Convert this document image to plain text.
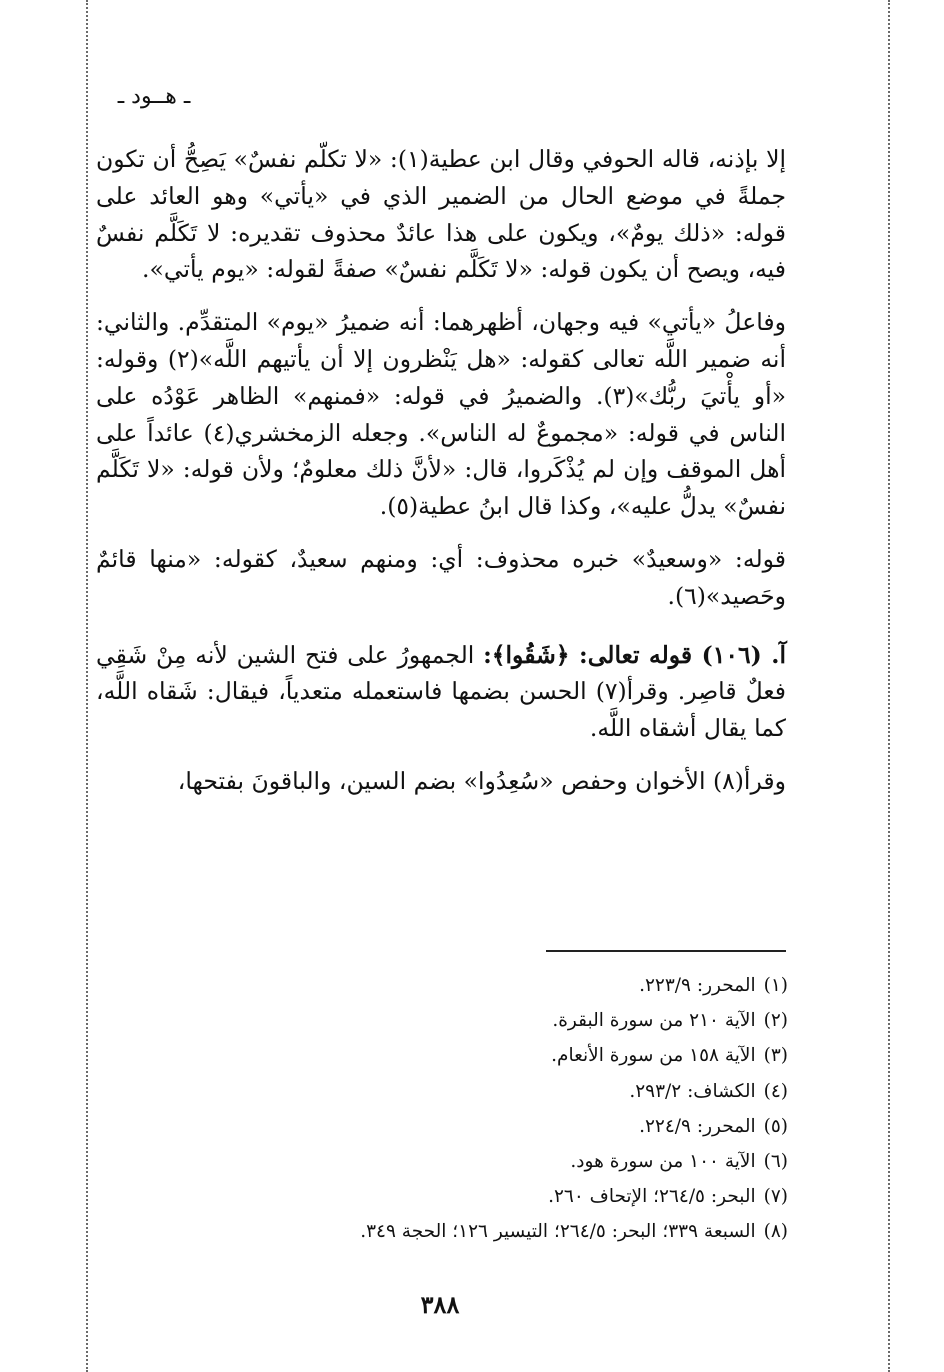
ـ هــود ـ

إلا بإذنه، قاله الحوفي وقال ابن عطية(١): «لا تكلّم نفسٌ» يَصِحُّ أن تكون جملةً في موضع الحال من الضمير الذي في «يأتي» وهو العائد على قوله: «ذلك يومٌ»، ويكون على هذا عائدٌ محذوف تقديره: لا تَكَلَّم نفسٌ فيه، ويصح أن يكون قوله: «لا تَكَلَّم نفسٌ» صفةً لقوله: «يوم يأتي».

وفاعلُ «يأتي» فيه وجهان، أظهرهما: أنه ضميرُ «يوم» المتقدِّم. والثاني: أنه ضمير اللَّه تعالى كقوله: «هل يَنْظرون إلا أن يأتيهم اللَّه»(٢) وقوله: «أو يأْتيَ ربُّك»(٣). والضميرُ في قوله: «فمنهم» الظاهر عَوْدُه على الناس في قوله: «مجموعٌ له الناس». وجعله الزمخشري(٤) عائداً على أهل الموقف وإن لم يُذْكَروا، قال: «لأنَّ ذلك معلومٌ؛ ولأن قوله: «لا تَكَلَّم نفسٌ» يدلُّ عليه»، وكذا قال ابنُ عطية(٥).

قوله: «وسعيدٌ» خبره محذوف: أي: ومنهم سعيدٌ، كقوله: «منها قائمٌ وحَصيد»(٦).

آ. (١٠٦) قوله تعالى: ﴿شَقُوا﴾: الجمهورُ على فتح الشين لأنه مِنْ شَقِي فعلٌ قاصِر. وقرأ(٧) الحسن بضمها فاستعمله متعدياً، فيقال: شَقاه اللَّه، كما يقال أشقاه اللَّه.

وقرأ(٨) الأخوان وحفص «سُعِدُوا» بضم السين، والباقونَ بفتحها،

(١)المحرر: ٢٢٣/٩.
(٢)الآية ٢١٠ من سورة البقرة.
(٣)الآية ١٥٨ من سورة الأنعام.
(٤)الكشاف: ٢٩٣/٢.
(٥)المحرر: ٢٢٤/٩.
(٦)الآية ١٠٠ من سورة هود.
(٧)البحر: ٢٦٤/٥؛ الإتحاف ٢٦٠.
(٨)السبعة ٣٣٩؛ البحر: ٢٦٤/٥؛ التيسير ١٢٦؛ الحجة ٣٤٩.
٣٨٨
